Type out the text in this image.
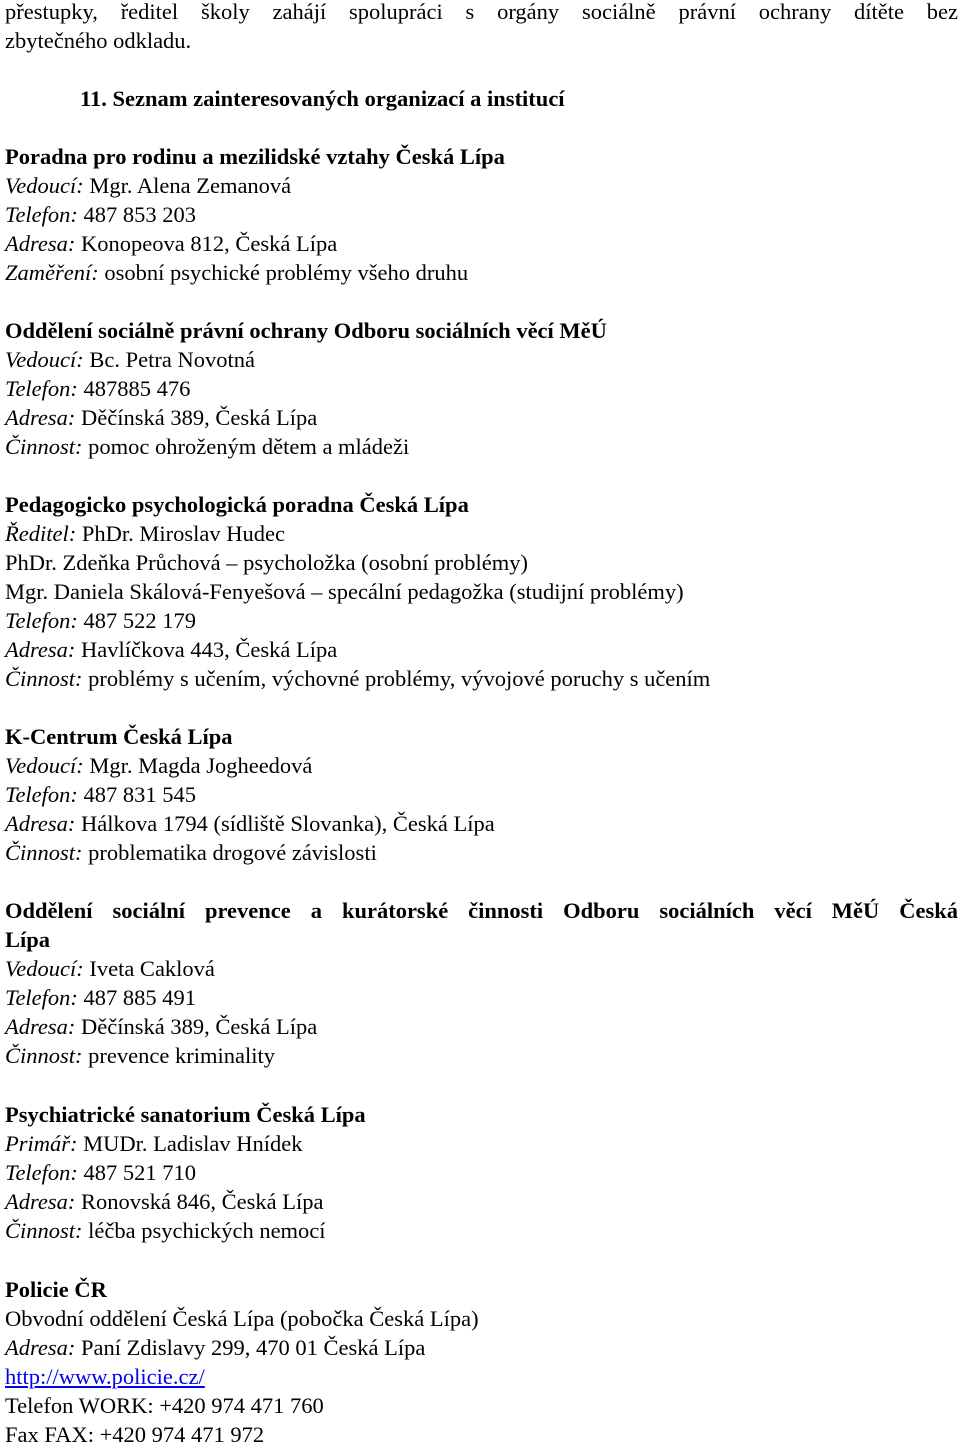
přestupky, ředitel školy zahájí spolupráci s orgány sociálně právní ochrany dítěte bez
zbytečného odkladu.
11. Seznam zainteresovaných organizací a institucí
Poradna pro rodinu a mezilidské vztahy Česká Lípa
Vedoucí: Mgr. Alena Zemanová
Telefon: 487 853 203
Adresa: Konopeova 812, Česká Lípa
Zaměření: osobní psychické problémy všeho druhu
Oddělení sociálně právní ochrany Odboru sociálních věcí MěÚ
Vedoucí: Bc. Petra Novotná
Telefon: 487885 476
Adresa: Děčínská 389, Česká Lípa
Činnost: pomoc ohroženým dětem a mládeži
Pedagogicko psychologická poradna Česká Lípa
Ředitel: PhDr. Miroslav Hudec
PhDr. Zdeňka Průchová – psycholožka (osobní problémy)
Mgr. Daniela Skálová-Fenyešová – specální pedagožka (studijní problémy)
Telefon: 487 522 179
Adresa: Havlíčkova 443, Česká Lípa
Činnost: problémy s učením, výchovné problémy, vývojové poruchy s učením
K-Centrum Česká Lípa
Vedoucí: Mgr. Magda Jogheedová
Telefon: 487 831 545
Adresa: Hálkova 1794 (sídliště Slovanka), Česká Lípa
Činnost: problematika drogové závislosti
Oddělení sociální prevence a kurátorské činnosti Odboru sociálních věcí MěÚ Česká
Lípa
Vedoucí: Iveta Caklová
Telefon: 487 885 491
Adresa: Děčínská 389, Česká Lípa
Činnost: prevence kriminality
Psychiatrické sanatorium Česká Lípa
Primář: MUDr. Ladislav Hnídek
Telefon: 487 521 710
Adresa: Ronovská 846, Česká Lípa
Činnost: léčba psychických nemocí
Policie ČR
Obvodní oddělení Česká Lípa (pobočka Česká Lípa)
Adresa: Paní Zdislavy 299, 470 01 Česká Lípa
http://www.policie.cz/
Telefon WORK: +420 974 471 760
Fax FAX: +420 974 471 972
